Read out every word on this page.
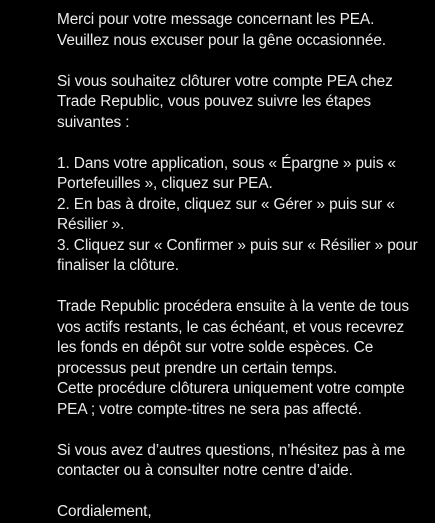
Merci pour votre message concernant les PEA.
Veuillez nous excuser pour la gêne occasionnée.

Si vous souhaitez clôturer votre compte PEA chez
Trade Republic, vous pouvez suivre les étapes
suivantes :

1. Dans votre application, sous « Épargne » puis «
Portefeuilles », cliquez sur PEA.
2. En bas à droite, cliquez sur « Gérer » puis sur «
Résilier ».
3. Cliquez sur « Confirmer » puis sur « Résilier » pour
finaliser la clôture.

Trade Republic procédera ensuite à la vente de tous
vos actifs restants, le cas échéant, et vous recevrez
les fonds en dépôt sur votre solde espèces. Ce
processus peut prendre un certain temps.
Cette procédure clôturera uniquement votre compte
PEA ; votre compte-titres ne sera pas affecté.

Si vous avez d’autres questions, n’hésitez pas à me
contacter ou à consulter notre centre d’aide.

Cordialement,
